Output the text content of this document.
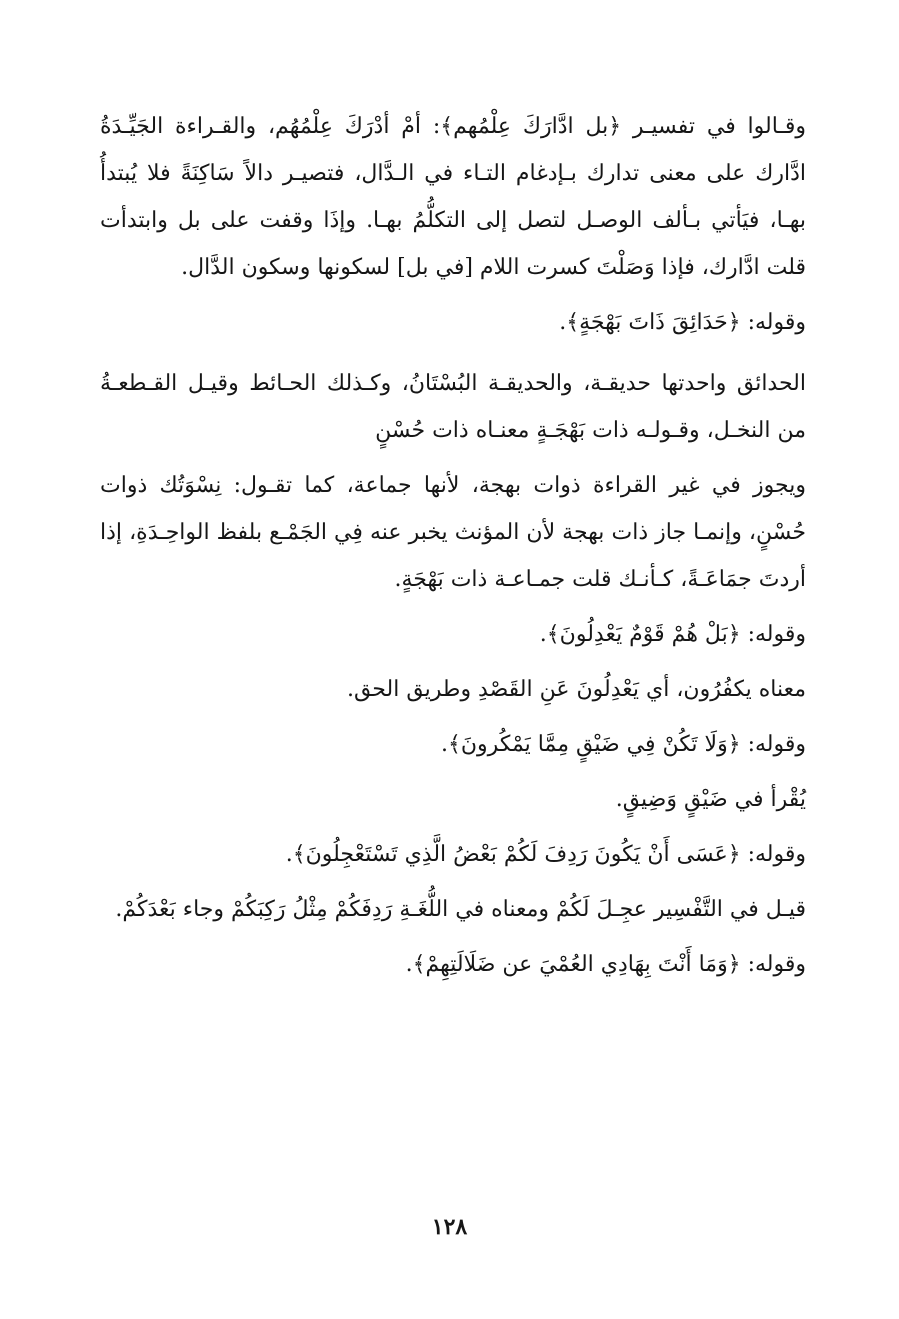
وقـالوا في تفسيـر ﴿بل ادَّارَكَ عِلْمُهم﴾: أمْ أدْرَكَ عِلْمُهُم، والقـراءة الجَيِّـدَةُ ادَّارك على معنى تدارك بـإدغام التـاء في الـدَّال، فتصيـر دالاً سَاكِنَةً فلا يُبتدأُ بهـا، فيَأتي بـألف الوصـل لتصل إلى التكلُّمُ بهـا. وإذَا وقفت على بل وابتدأت قلت ادَّارك، فإذا وَصَلْتَ كسرت اللام [في بل] لسكونها وسكون الدَّال.

وقوله: ﴿حَدَائِقَ ذَاتَ بَهْجَةٍ﴾.

الحدائق واحدتها حديقـة، والحديقـة البُسْتَانُ، وكـذلك الحـائط وقيـل القـطعـةُ من النخـل، وقـولـه ذات بَهْجَـةٍ معنـاه ذات حُسْنٍ

ويجوز في غير القراءة ذوات بهجة، لأنها جماعة، كما تقـول: نِسْوَتُك ذوات حُسْنٍ، وإنمـا جاز ذات بهجة لأن المؤنث يخبر عنه فِي الجَمْـع بلفظ الواحِـدَةِ، إذا أردتَ جمَاعَـةً، كـأنـك قلت جمـاعـة ذات بَهْجَةٍ.

وقوله: ﴿بَلْ هُمْ قَوْمٌ يَعْدِلُونَ﴾.

معناه يكفُرُون، أي يَعْدِلُونَ عَنِ القَصْدِ وطريق الحق.

وقوله: ﴿وَلَا تَكُنْ فِي ضَيْقٍ مِمَّا يَمْكُرونَ﴾.

يُقْرأ في ضَيْقٍ وَضِيقٍ.

وقوله: ﴿عَسَى أَنْ يَكُونَ رَدِفَ لَكُمْ بَعْضُ الَّذِي تَسْتَعْجِلُونَ﴾.

قيـل في التَّفْسِير عجِـلَ لَكُمْ ومعناه في اللُّغَـةِ رَدِفَكُمْ مِثْلُ رَكِبَكُمْ وجاء بَعْدَكُمْ.

وقوله: ﴿وَمَا أَنْتَ بِهَادِي العُمْيَ عن ضَلَالَتِهِمْ﴾.

١٢٨
